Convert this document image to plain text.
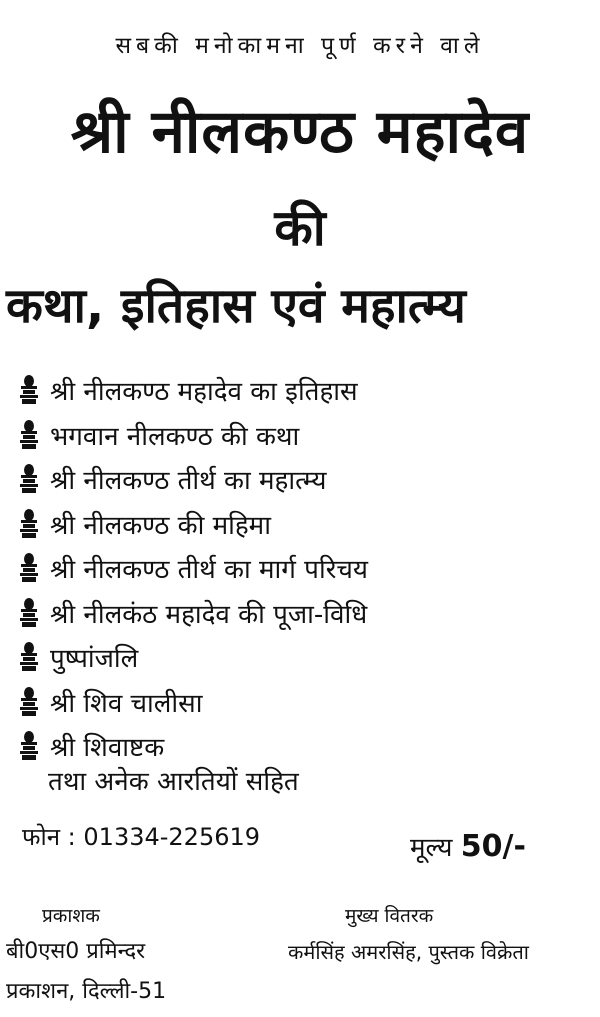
सबकी मनोकामना पूर्ण करने वाले
श्री नीलकण्ठ महादेव
की
कथा, इतिहास एवं महात्म्य
श्री नीलकण्ठ महादेव का इतिहास
भगवान नीलकण्ठ की कथा
श्री नीलकण्ठ तीर्थ का महात्म्य
श्री नीलकण्ठ की महिमा
श्री नीलकण्ठ तीर्थ का मार्ग परिचय
श्री नीलकंठ महादेव की पूजा-विधि
पुष्पांजलि
श्री शिव चालीसा
श्री शिवाष्टक
तथा अनेक आरतियों सहित
फोन : 01334-225619	मूल्य 50/-
प्रकाशक
बी0एस0 प्रमिन्दर
प्रकाशन, दिल्ली-51
मुख्य वितरक
कर्मसिंह अमरसिंह, पुस्तक विक्रेता
